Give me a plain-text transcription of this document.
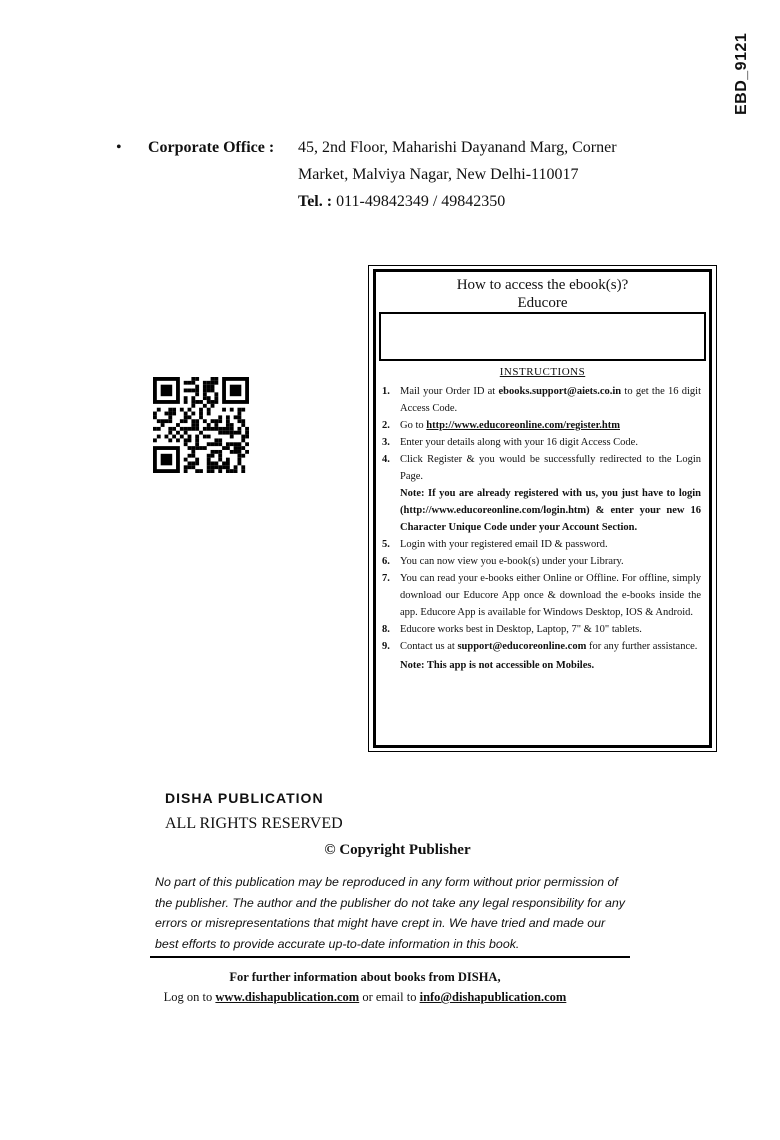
EBD_9121
• Corporate Office : 45, 2nd Floor, Maharishi Dayanand Marg, Corner
Market, Malviya Nagar, New Delhi-110017
Tel. : 011-49842349 / 49842350
How to access the ebook(s)?
Educore
INSTRUCTIONS
1. Mail your Order ID at ebooks.support@aiets.co.in to get the 16 digit Access Code.
2. Go to http://www.educoreonline.com/register.htm
3. Enter your details along with your 16 digit Access Code.
4. Click Register & you would be successfully redirected to the Login Page.
Note: If you are already registered with us, you just have to login (http://www.educoreonline.com/login.htm) & enter your new 16 Character Unique Code under your Account Section.
5. Login with your registered email ID & password.
6. You can now view you e-book(s) under your Library.
7. You can read your e-books either Online or Offline. For offline, simply download our Educore App once & download the e-books inside the app. Educore App is available for Windows Desktop, IOS & Android.
8. Educore works best in Desktop, Laptop, 7" & 10" tablets.
9. Contact us at support@educoreonline.com for any further assistance.
Note: This app is not accessible on Mobiles.
DISHA PUBLICATION
ALL RIGHTS RESERVED
© Copyright Publisher
No part of this publication may be reproduced in any form without prior permission of the publisher. The author and the publisher do not take any legal responsibility for any errors or misrepresentations that might have crept in. We have tried and made our best efforts to provide accurate up-to-date information in this book.
For further information about books from DISHA,
Log on to www.dishapublication.com or email to info@dishapublication.com
